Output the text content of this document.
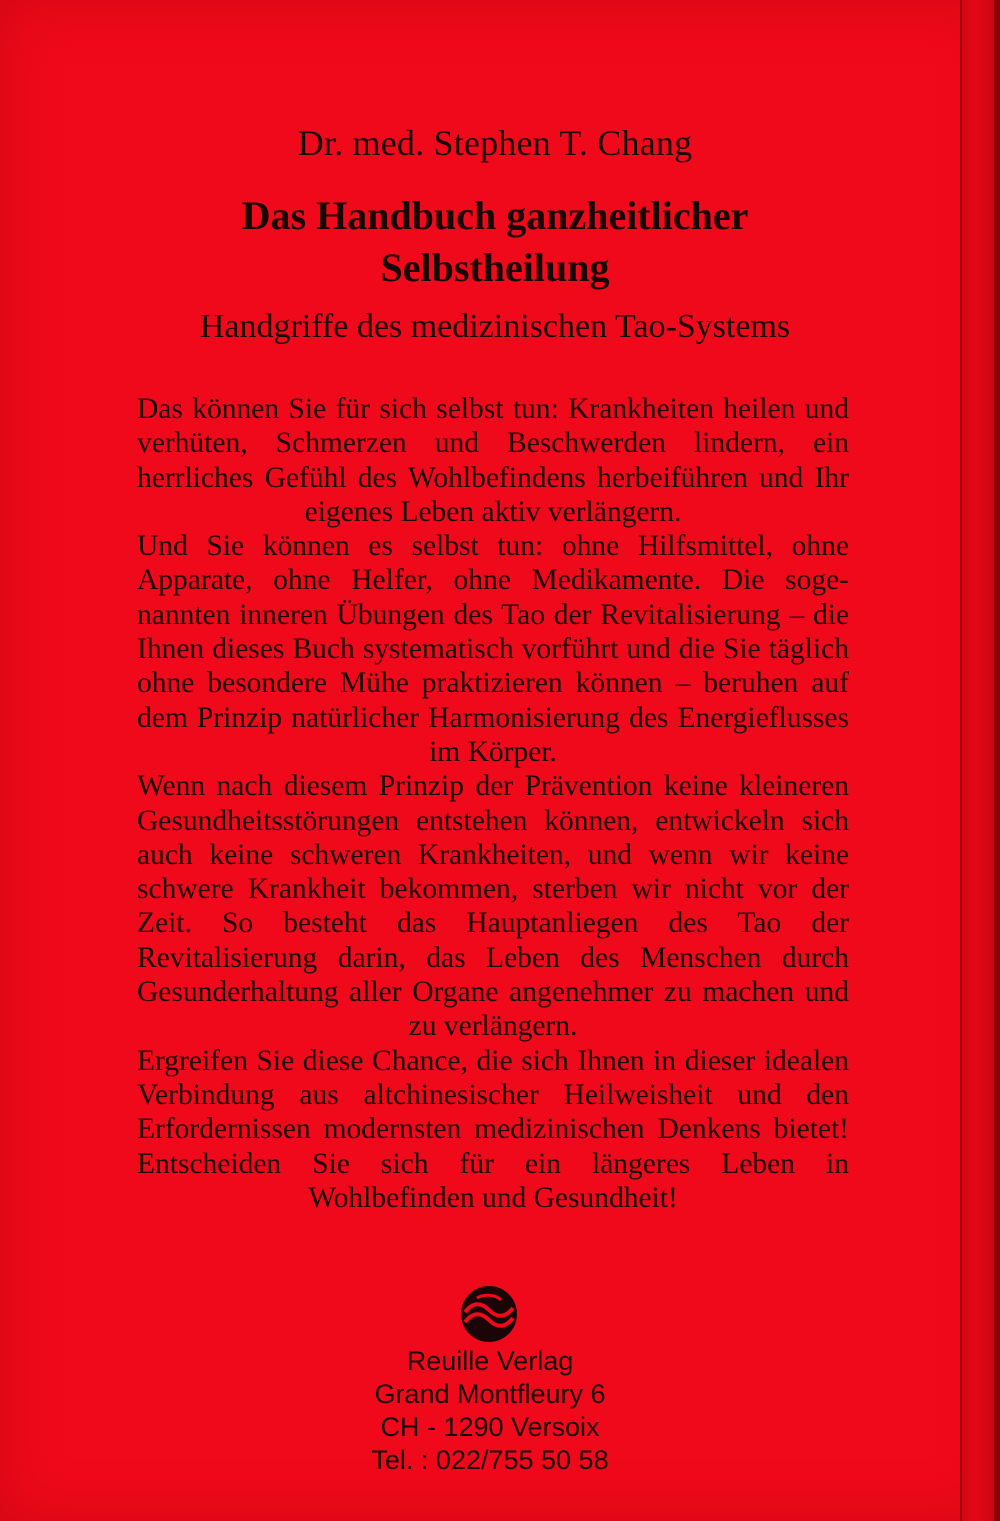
Dr. med. Stephen T. Chang
Das Handbuch ganzheitlicher
Selbstheilung
Handgriffe des medizinischen Tao-Systems

Das können Sie für sich selbst tun: Krankheiten heilen und verhüten, Schmerzen und Beschwerden lindern, ein herrliches Gefühl des Wohlbefindens herbeiführen und Ihr eigenes Leben aktiv verlängern.

Und Sie können es selbst tun: ohne Hilfsmittel, ohne Apparate, ohne Helfer, ohne Medikamente. Die sogenannten inneren Übungen des Tao der Revitalisierung – die Ihnen dieses Buch systematisch vorführt und die Sie täglich ohne besondere Mühe praktizieren können – beruhen auf dem Prinzip natürlicher Harmonisierung des Energieflusses im Körper.

Wenn nach diesem Prinzip der Prävention keine kleineren Gesundheitsstörungen entstehen können, entwickeln sich auch keine schweren Krankheiten, und wenn wir keine schwere Krankheit bekommen, sterben wir nicht vor der Zeit. So besteht das Hauptanliegen des Tao der Revitalisierung darin, das Leben des Menschen durch Gesunderhaltung aller Organe angenehmer zu machen und zu verlängern.

Ergreifen Sie diese Chance, die sich Ihnen in dieser idealen Verbindung aus altchinesischer Heilweisheit und den Erfordernissen modernsten medizinischen Denkens bietet! Entscheiden Sie sich für ein längeres Leben in Wohlbefinden und Gesundheit!

Reuille Verlag
Grand Montfleury 6
CH - 1290 Versoix
Tel. : 022/755 50 58
